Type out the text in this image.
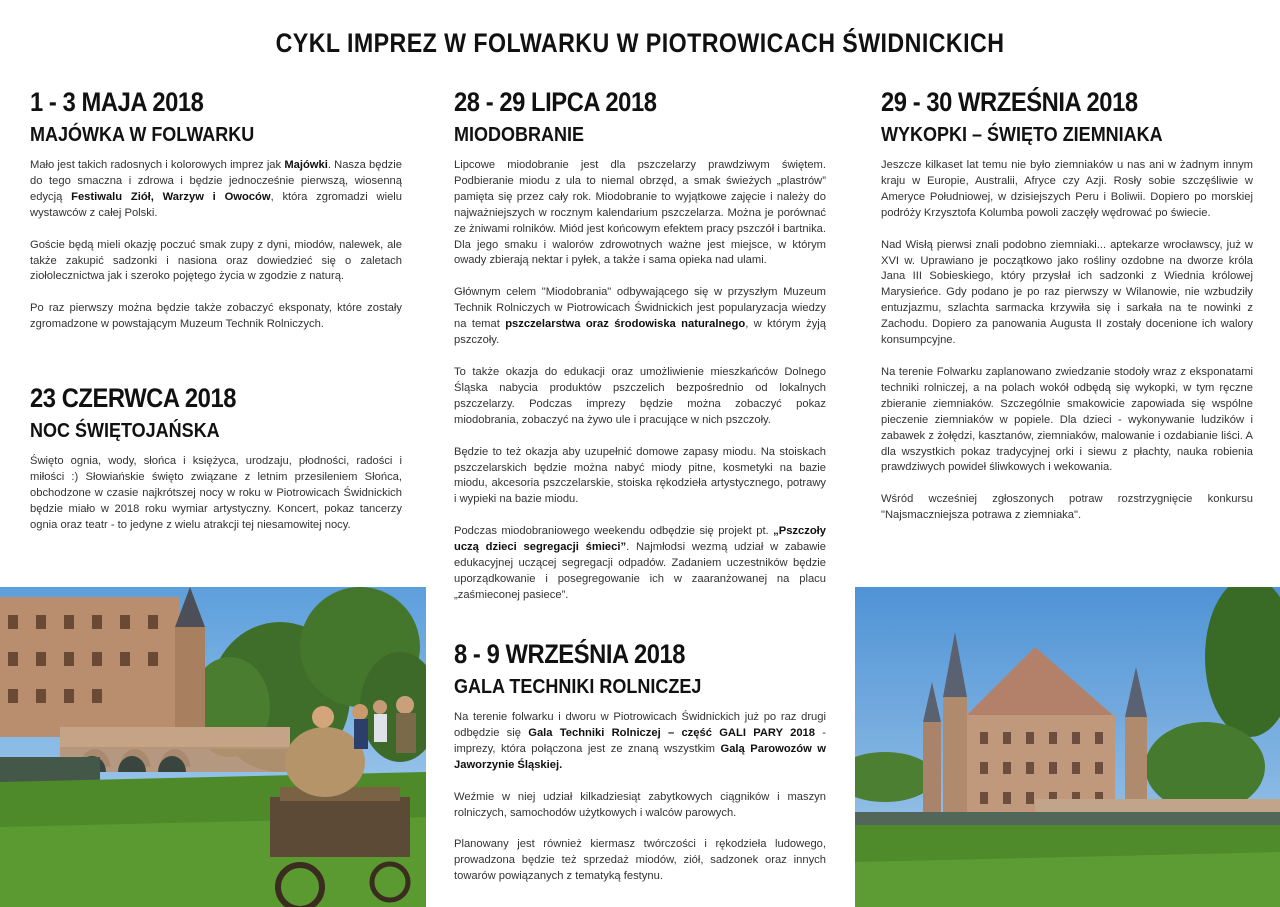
CYKL IMPREZ W FOLWARKU W PIOTROWICACH ŚWIDNICKICH
1 - 3 MAJA 2018
MAJÓWKA W FOLWARKU

Mało jest takich radosnych i kolorowych imprez jak Majówki. Nasza będzie do tego smaczna i zdrowa i będzie jednocześnie pierwszą, wiosenną edycją Festiwalu Ziół, Warzyw i Owoców, która zgromadzi wielu wystawców z całej Polski.

Goście będą mieli okazję poczuć smak zupy z dyni, miodów, nalewek, ale także zakupić sadzonki i nasiona oraz dowiedzieć się o zaletach ziołolecznictwa jak i szeroko pojętego życia w zgodzie z naturą.

Po raz pierwszy można będzie także zobaczyć eksponaty, które zostały zgromadzone w powstającym Muzeum Technik Rolniczych.

23 CZERWCA 2018
NOC ŚWIĘTOJAŃSKA

Święto ognia, wody, słońca i księżyca, urodzaju, płodności, radości i miłości :) Słowiańskie święto związane z letnim przesileniem Słońca, obchodzone w czasie najkrótszej nocy w roku w Piotrowicach Świdnickich będzie miało w 2018 roku wymiar artystyczny. Koncert, pokaz tancerzy ognia oraz teatr - to jedyne z wielu atrakcji tej niesamowitej nocy.

28 - 29 LIPCA 2018
MIODOBRANIE

Lipcowe miodobranie jest dla pszczelarzy prawdziwym świętem. Podbieranie miodu z ula to niemal obrzęd, a smak świeżych „plastrów” pamięta się przez cały rok. Miodobranie to wyjątkowe zajęcie i należy do najważniejszych w rocznym kalendarium pszczelarza. Można je porównać ze żniwami rolników. Miód jest końcowym efektem pracy pszczół i bartnika. Dla jego smaku i walorów zdrowotnych ważne jest miejsce, w którym owady zbierają nektar i pyłek, a także i sama opieka nad ulami.

Głównym celem "Miodobrania" odbywającego się w przyszłym Muzeum Technik Rolniczych w Piotrowicach Świdnickich jest popularyzacja wiedzy na temat pszczelarstwa oraz środowiska naturalnego, w którym żyją pszczoły.

To także okazja do edukacji oraz umożliwienie mieszkańców Dolnego Śląska nabycia produktów pszczelich bezpośrednio od lokalnych pszczelarzy. Podczas imprezy będzie można zobaczyć pokaz miodobrania, zobaczyć na żywo ule i pracujące w nich pszczoły.

Będzie to też okazja aby uzupełnić domowe zapasy miodu. Na stoiskach pszczelarskich będzie można nabyć miody pitne, kosmetyki na bazie miodu, akcesoria pszczelarskie, stoiska rękodzieła artystycznego, potrawy i wypieki na bazie miodu.

Podczas miodobraniowego weekendu odbędzie się projekt pt. „Pszczoły uczą dzieci segregacji śmieci”. Najmłodsi wezmą udział w zabawie edukacyjnej uczącej segregacji odpadów. Zadaniem uczestników będzie uporządkowanie i posegregowanie ich w zaaranżowanej na placu „zaśmieconej pasiece”.

8 - 9 WRZEŚNIA 2018
GALA TECHNIKI ROLNICZEJ

Na terenie folwarku i dworu w Piotrowicach Świdnickich już po raz drugi odbędzie się Gala Techniki Rolniczej – część GALI PARY 2018 - imprezy, która połączona jest ze znaną wszystkim Galą Parowozów w Jaworzynie Śląskiej.

Weźmie w niej udział kilkadziesiąt zabytkowych ciągników i maszyn rolniczych, samochodów użytkowych i walców parowych.

Planowany jest również kiermasz twórczości i rękodzieła ludowego, prowadzona będzie też sprzedaż miodów, ziół, sadzonek oraz innych towarów powiązanych z tematyką festynu.

29 - 30 WRZEŚNIA 2018
WYKOPKI – ŚWIĘTO ZIEMNIAKA

Jeszcze kilkaset lat temu nie było ziemniaków u nas ani w żadnym innym kraju w Europie, Australii, Afryce czy Azji. Rosły sobie szczęśliwie w Ameryce Południowej, w dzisiejszych Peru i Boliwii. Dopiero po morskiej podróży Krzysztofa Kolumba powoli zaczęły wędrować po świecie.

Nad Wisłą pierwsi znali podobno ziemniaki... aptekarze wrocławscy, już w XVI w. Uprawiano je początkowo jako rośliny ozdobne na dworze króla Jana III Sobieskiego, który przysłał ich sadzonki z Wiednia królowej Marysieńce. Gdy podano je po raz pierwszy w Wilanowie, nie wzbudziły entuzjazmu, szlachta sarmacka krzywiła się i sarkała na te nowinki z Zachodu. Dopiero za panowania Augusta II zostały docenione ich walory konsumpcyjne.

Na terenie Folwarku zaplanowano zwiedzanie stodoły wraz z eksponatami techniki rolniczej, a na polach wokół odbędą się wykopki, w tym ręczne zbieranie ziemniaków. Szczególnie smakowicie zapowiada się wspólne pieczenie ziemniaków w popiele. Dla dzieci - wykonywanie ludzików i zabawek z żołędzi, kasztanów, ziemniaków, malowanie i ozdabianie liści. A dla wszystkich pokaz tradycyjnej orki i siewu z płachty, nauka robienia prawdziwych powideł śliwkowych i wekowania.

Wśród wcześniej zgłoszonych potraw rozstrzygnięcie konkursu "Najsmaczniejsza potrawa z ziemniaka".
